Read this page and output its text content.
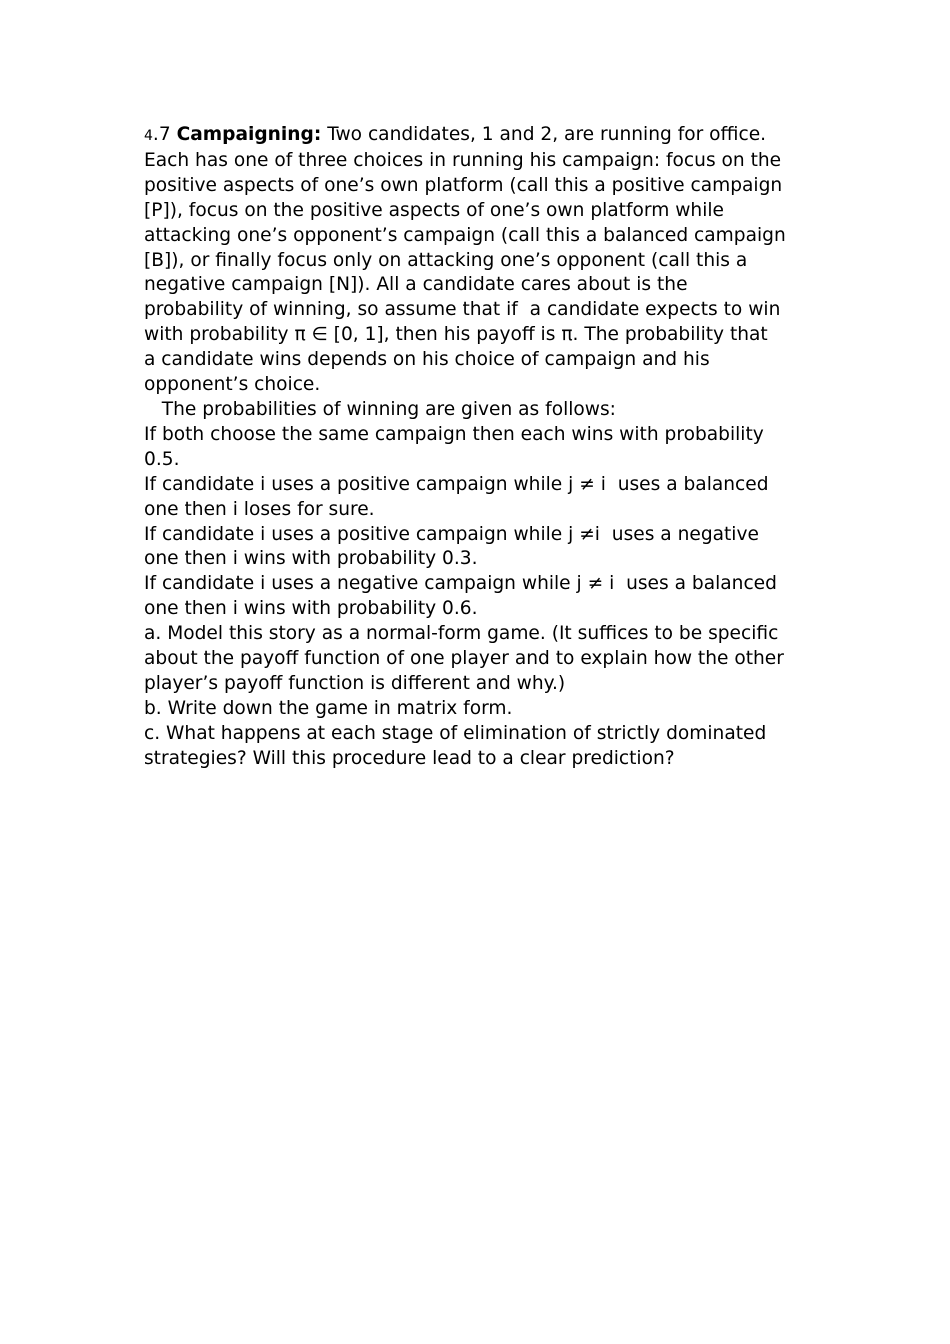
4.7 Campaigning: Two candidates, 1 and 2, are running for office.
Each has one of three choices in running his campaign: focus on the
positive aspects of one’s own platform (call this a positive campaign
[P]), focus on the positive aspects of one’s own platform while
attacking one’s opponent’s campaign (call this a balanced campaign
[B]), or finally focus only on attacking one’s opponent (call this a
negative campaign [N]). All a candidate cares about is the
probability of winning, so assume that if  a candidate expects to win
with probability π ∈ [0, 1], then his payoff is π. The probability that
a candidate wins depends on his choice of campaign and his
opponent’s choice.
The probabilities of winning are given as follows:
If both choose the same campaign then each wins with probability
0.5.
If candidate i uses a positive campaign while j ≠ i  uses a balanced
one then i loses for sure.
If candidate i uses a positive campaign while j ≠i  uses a negative
one then i wins with probability 0.3.
If candidate i uses a negative campaign while j ≠ i  uses a balanced
one then i wins with probability 0.6.
a. Model this story as a normal-form game. (It suffices to be specific
about the payoff function of one player and to explain how the other
player’s payoff function is different and why.)
b. Write down the game in matrix form.
c. What happens at each stage of elimination of strictly dominated
strategies? Will this procedure lead to a clear prediction?
